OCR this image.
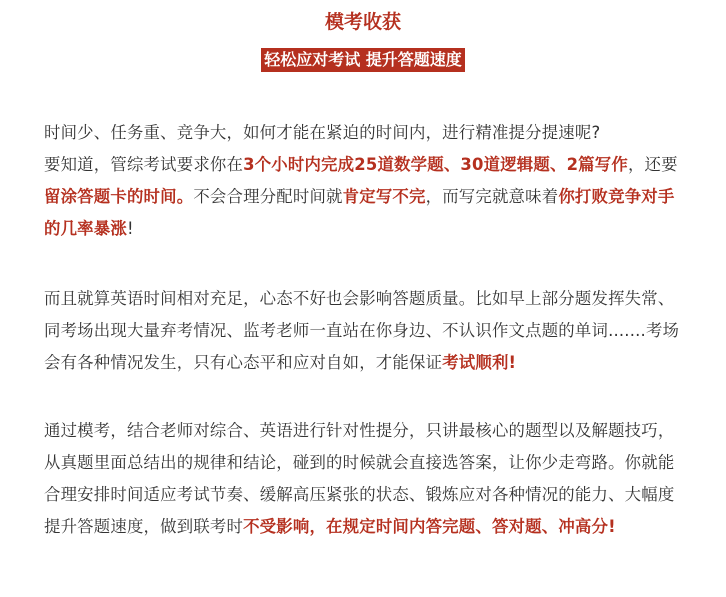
模考收获
轻松应对考试 提升答题速度

时间少、任务重、竞争大，如何才能在紧迫的时间内，进行精准提分提速呢?
要知道，管综考试要求你在3个小时内完成25道数学题、30道逻辑题、2篇写作，还要留涂答题卡的时间。不会合理分配时间就肯定写不完，而写完就意味着你打败竞争对手的几率暴涨!

而且就算英语时间相对充足，心态不好也会影响答题质量。比如早上部分题发挥失常、同考场出现大量弃考情况、监考老师一直站在你身边、不认识作文点题的单词.......考场会有各种情况发生，只有心态平和应对自如，才能保证考试顺利!

通过模考，结合老师对综合、英语进行针对性提分，只讲最核心的题型以及解题技巧，从真题里面总结出的规律和结论，碰到的时候就会直接选答案，让你少走弯路。你就能合理安排时间适应考试节奏、缓解高压紧张的状态、锻炼应对各种情况的能力、大幅度提升答题速度，做到联考时不受影响，在规定时间内答完题、答对题、冲高分!
